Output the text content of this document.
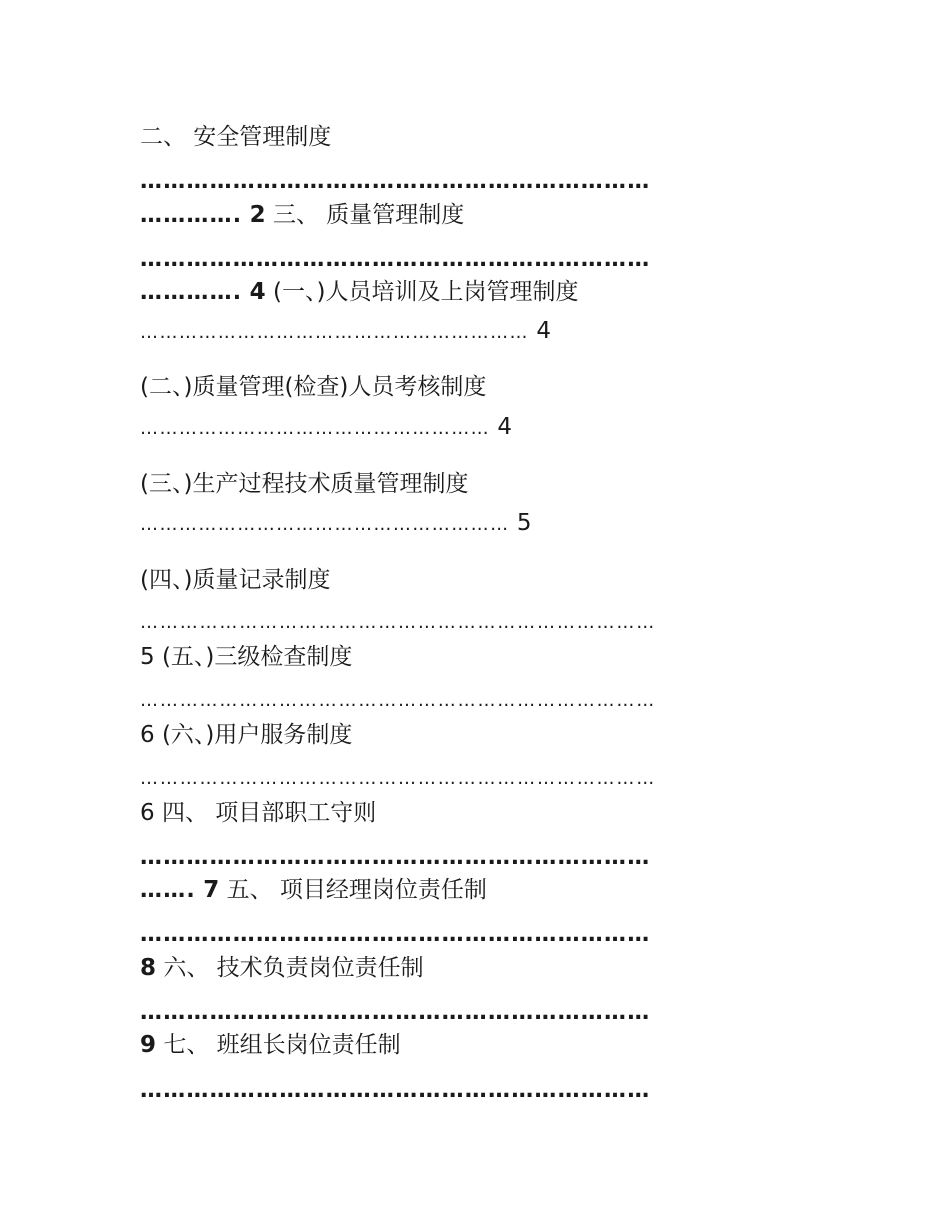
二、 安全管理制度

…………………………………………………………

…………. 2 三、 质量管理制度

…………………………………………………………

…………. 4 (一、)人员培训及上岗管理制度

…………………………………………………… 4

(二、)质量管理(检查)人员考核制度

……………………………………………… 4

(三、)生产过程技术质量管理制度

………………………………………………… 5

(四、)质量记录制度

……………………………………………………………………

5 (五、)三级检查制度

……………………………………………………………………

6 (六、)用户服务制度

……………………………………………………………………

6 四、 项目部职工守则

…………………………………………………………

……. 7 五、 项目经理岗位责任制

…………………………………………………………

8 六、 技术负责岗位责任制

…………………………………………………………

9 七、 班组长岗位责任制

…………………………………………………………
